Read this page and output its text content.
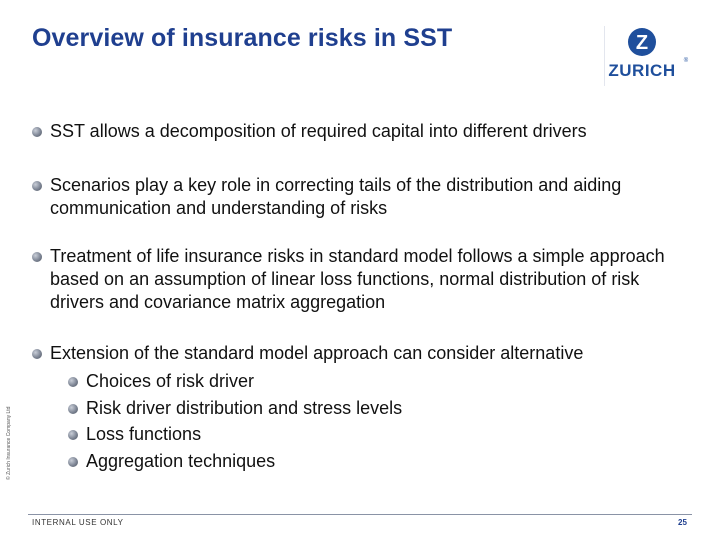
Overview of insurance risks in SST	Z
ZURICH ®
SST allows a decomposition of required capital into different drivers
Scenarios play a key role in correcting tails of the distribution and aiding communication and understanding of risks
Treatment of life insurance risks in standard model follows a simple approach based on an assumption of linear loss functions, normal distribution of risk drivers and covariance matrix aggregation
Extension of the standard model approach can consider alternative
Choices of risk driver
Risk driver distribution and stress levels
Loss functions
Aggregation techniques
© Zurich Insurance Company Ltd
INTERNAL USE ONLY	25
